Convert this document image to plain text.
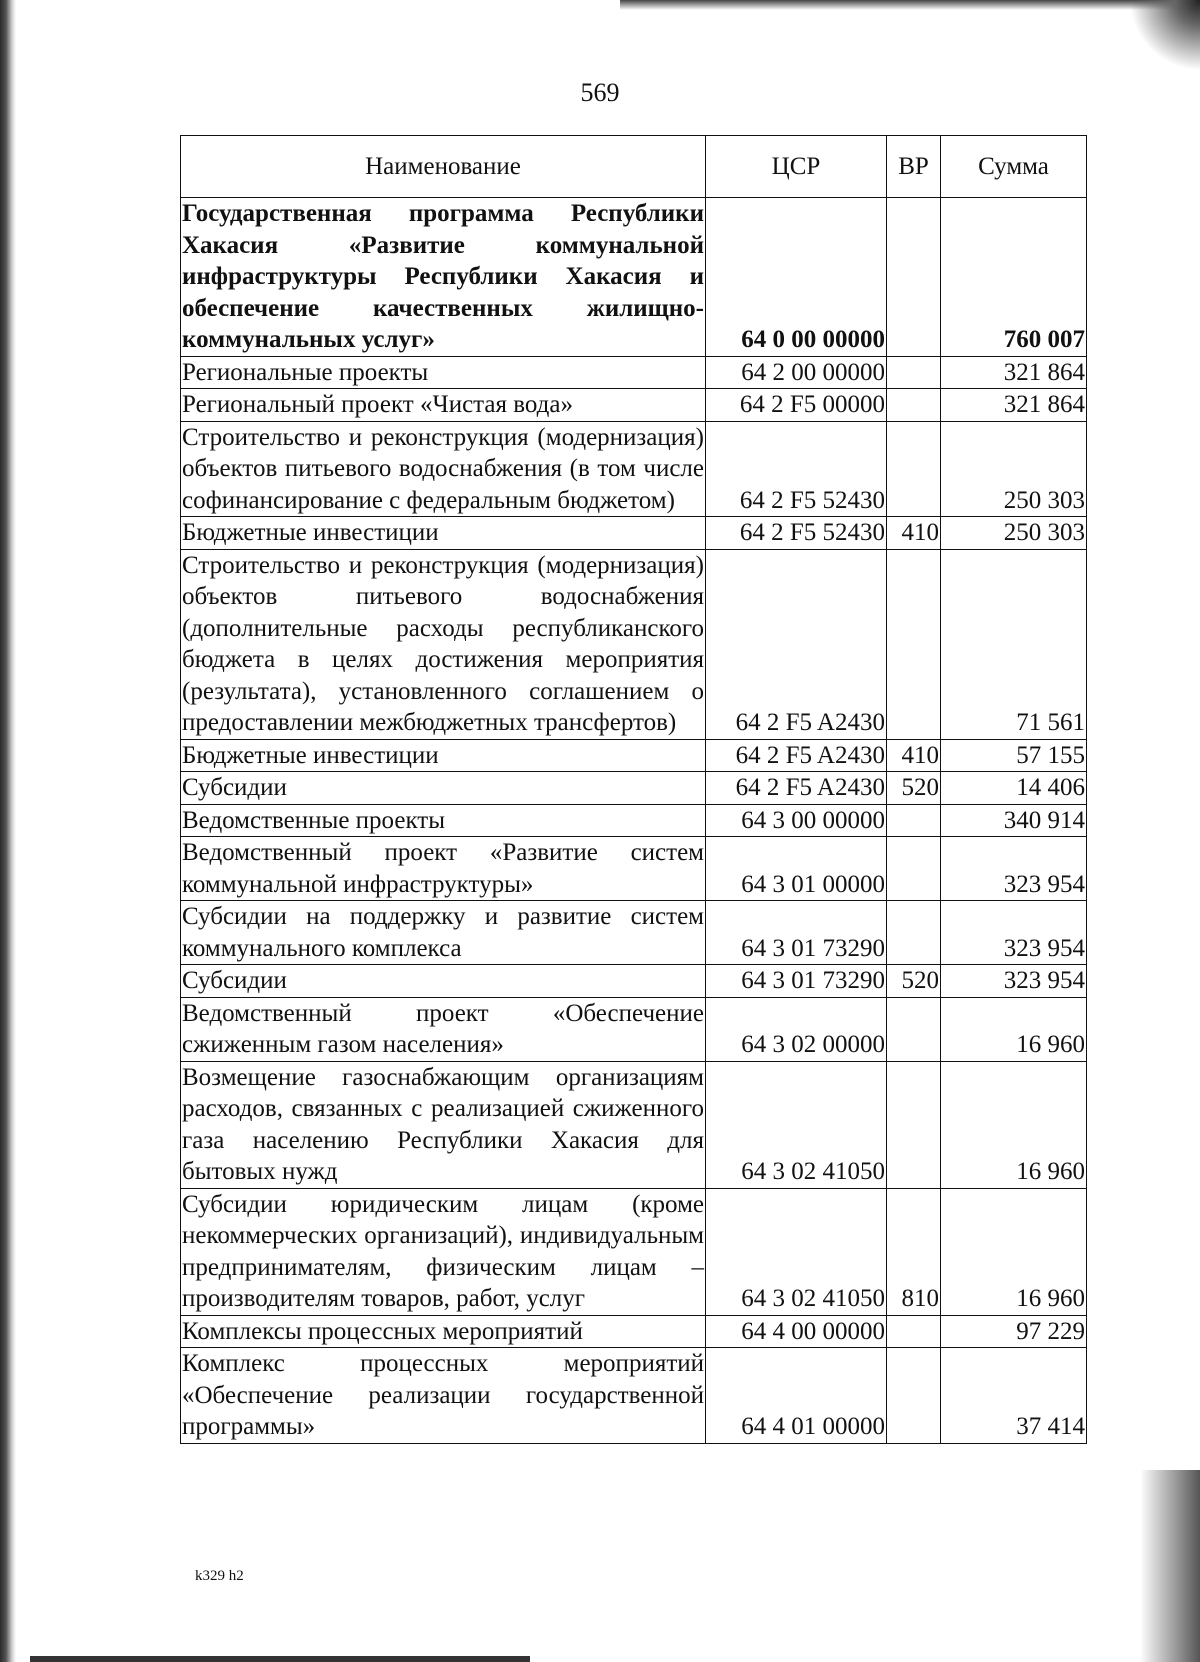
569
Наименование	ЦСР	ВР	Сумма
Государственная программа Республики Хакасия «Развитие коммунальной инфраструктуры Республики Хакасия и обеспечение качественных жилищно-коммунальных услуг»	64 0 00 00000		760 007
Региональные проекты	64 2 00 00000		321 864
Региональный проект «Чистая вода»	64 2 F5 00000		321 864
Строительство и реконструкция (модернизация) объектов питьевого водоснабжения (в том числе софинансирование с федеральным бюджетом)	64 2 F5 52430		250 303
Бюджетные инвестиции	64 2 F5 52430	410	250 303
Строительство и реконструкция (модернизация) объектов питьевого водоснабжения (дополнительные расходы республиканского бюджета в целях достижения мероприятия (результата), установленного соглашением о предоставлении межбюджетных трансфертов)	64 2 F5 A2430		71 561
Бюджетные инвестиции	64 2 F5 A2430	410	57 155
Субсидии	64 2 F5 A2430	520	14 406
Ведомственные проекты	64 3 00 00000		340 914
Ведомственный проект «Развитие систем коммунальной инфраструктуры»	64 3 01 00000		323 954
Субсидии на поддержку и развитие систем коммунального комплекса	64 3 01 73290		323 954
Субсидии	64 3 01 73290	520	323 954
Ведомственный проект «Обеспечение сжиженным газом населения»	64 3 02 00000		16 960
Возмещение газоснабжающим организациям расходов, связанных с реализацией сжиженного газа населению Республики Хакасия для бытовых нужд	64 3 02 41050		16 960
Субсидии юридическим лицам (кроме некоммерческих организаций), индивидуальным предпринимателям, физическим лицам – производителям товаров, работ, услуг	64 3 02 41050	810	16 960
Комплексы процессных мероприятий	64 4 00 00000		97 229
Комплекс процессных мероприятий «Обеспечение реализации государственной программы»	64 4 01 00000		37 414
k329 h2
